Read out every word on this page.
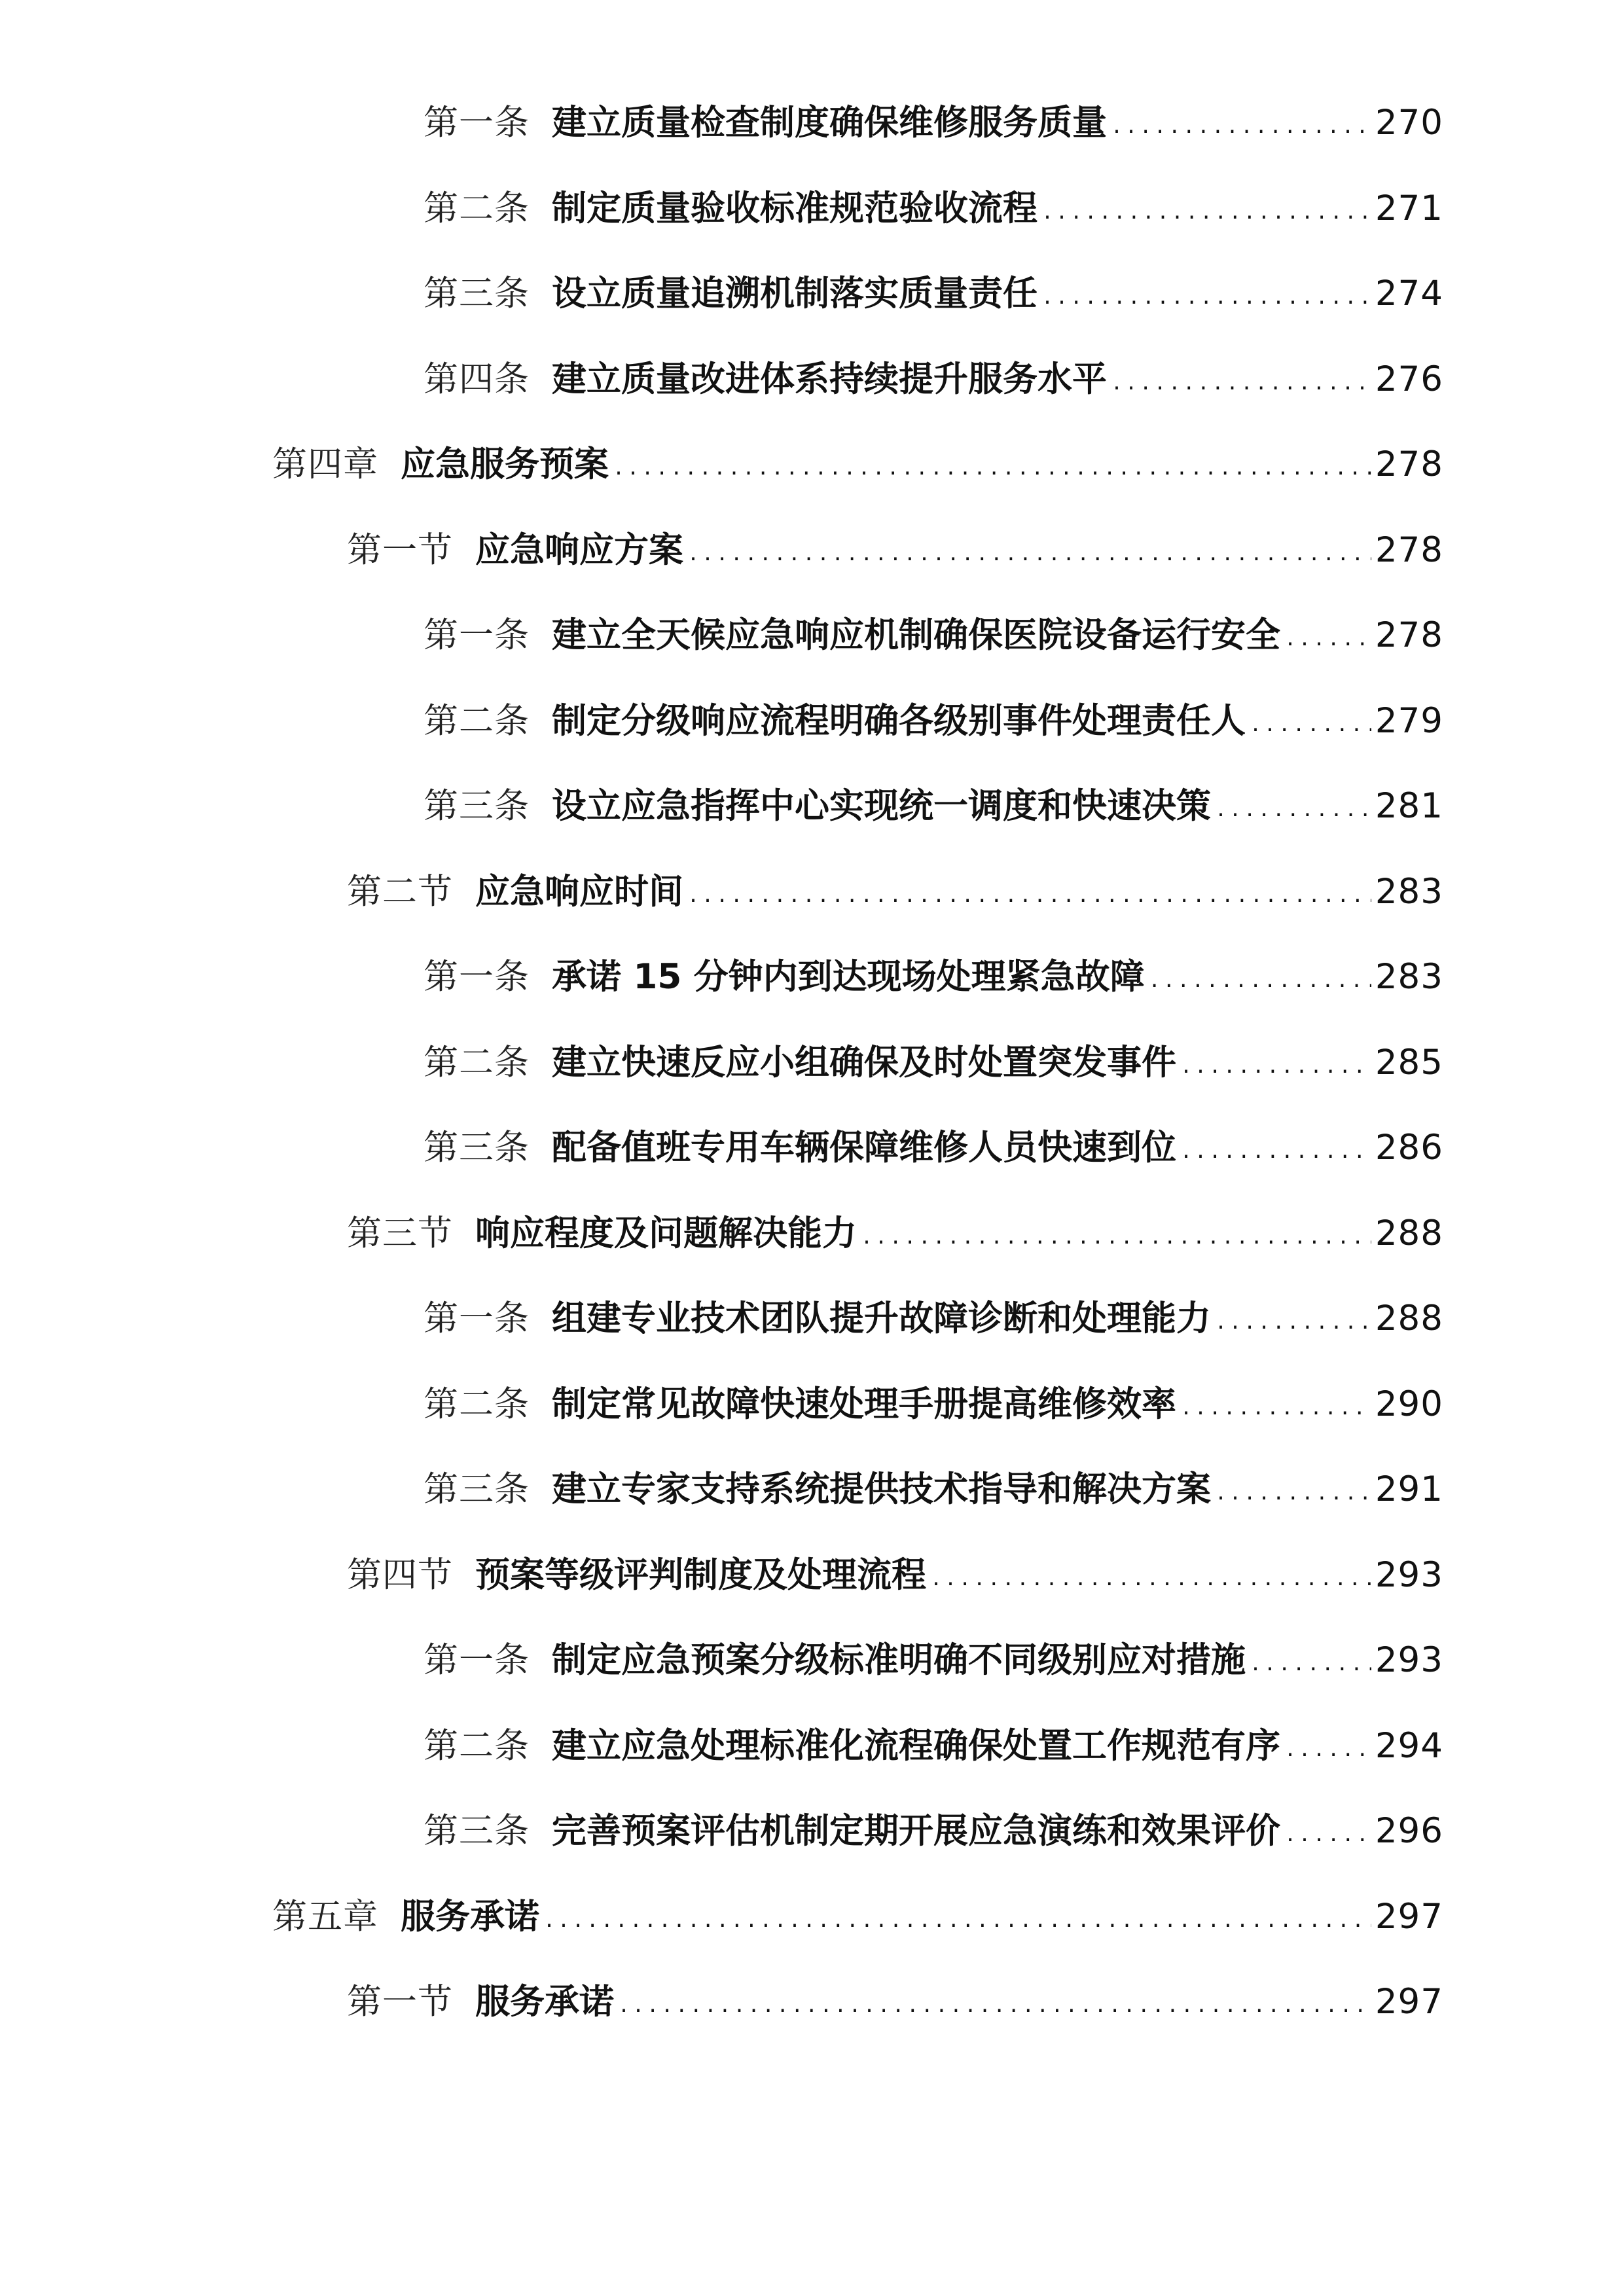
第一条 建立质量检查制度确保维修服务质量 .....	270
第二条 制定质量验收标准规范验收流程 .....	271
第三条 设立质量追溯机制落实质量责任 .....	274
第四条 建立质量改进体系持续提升服务水平 .....	276
第四章 应急服务预案 .....	278
第一节 应急响应方案 .....	278
第一条 建立全天候应急响应机制确保医院设备运行安全 .....	278
第二条 制定分级响应流程明确各级别事件处理责任人 .....	279
第三条 设立应急指挥中心实现统一调度和快速决策 .....	281
第二节 应急响应时间 .....	283
第一条 承诺 15 分钟内到达现场处理紧急故障 .....	283
第二条 建立快速反应小组确保及时处置突发事件 .....	285
第三条 配备值班专用车辆保障维修人员快速到位 .....	286
第三节 响应程度及问题解决能力 .....	288
第一条 组建专业技术团队提升故障诊断和处理能力 .....	288
第二条 制定常见故障快速处理手册提高维修效率 .....	290
第三条 建立专家支持系统提供技术指导和解决方案 .....	291
第四节 预案等级评判制度及处理流程 .....	293
第一条 制定应急预案分级标准明确不同级别应对措施 .....	293
第二条 建立应急处理标准化流程确保处置工作规范有序 .....	294
第三条 完善预案评估机制定期开展应急演练和效果评价 .....	296
第五章 服务承诺 .....	297
第一节 服务承诺 .....	297
